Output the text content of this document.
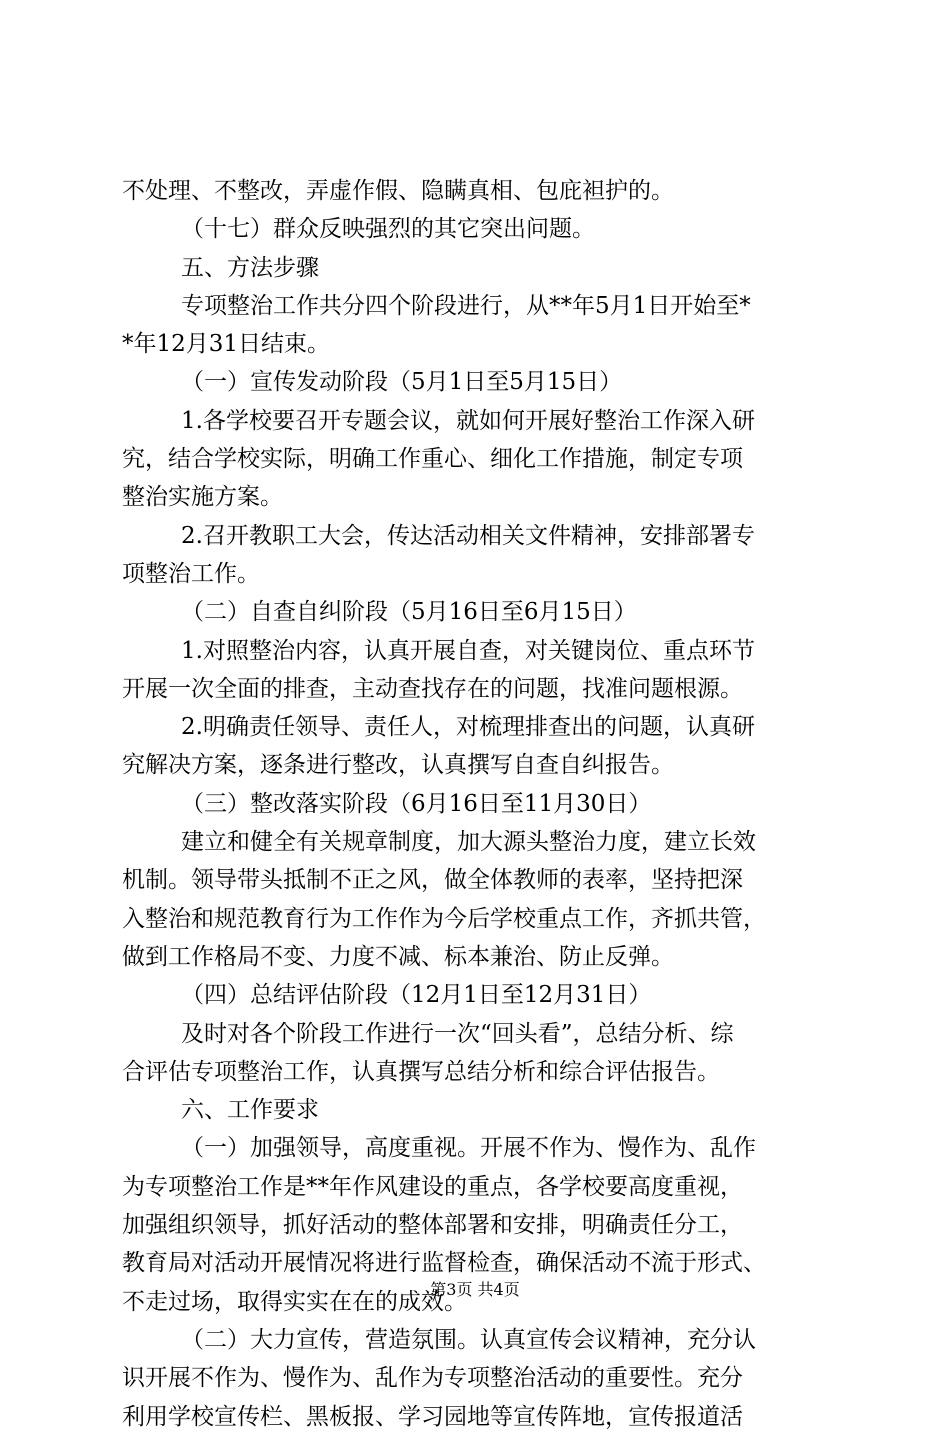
不处理、不整改，弄虚作假、隐瞒真相、包庇袒护的。
（十七）群众反映强烈的其它突出问题。
五、方法步骤
专项整治工作共分四个阶段进行，从**年5月1日开始至*
*年12月31日结束。
（一）宣传发动阶段（5月1日至5月15日）
1.各学校要召开专题会议，就如何开展好整治工作深入研
究，结合学校实际，明确工作重心、细化工作措施，制定专项
整治实施方案。
2.召开教职工大会，传达活动相关文件精神，安排部署专
项整治工作。
（二）自查自纠阶段（5月16日至6月15日）
1.对照整治内容，认真开展自查，对关键岗位、重点环节
开展一次全面的排查，主动查找存在的问题，找准问题根源。
2.明确责任领导、责任人，对梳理排查出的问题，认真研
究解决方案，逐条进行整改，认真撰写自查自纠报告。
（三）整改落实阶段（6月16日至11月30日）
建立和健全有关规章制度，加大源头整治力度，建立长效
机制。领导带头抵制不正之风，做全体教师的表率，坚持把深
入整治和规范教育行为工作作为今后学校重点工作，齐抓共管，
做到工作格局不变、力度不减、标本兼治、防止反弹。
（四）总结评估阶段（12月1日至12月31日）
及时对各个阶段工作进行一次“回头看”，总结分析、综
合评估专项整治工作，认真撰写总结分析和综合评估报告。
六、工作要求
（一）加强领导，高度重视。开展不作为、慢作为、乱作
为专项整治工作是**年作风建设的重点，各学校要高度重视，
加强组织领导，抓好活动的整体部署和安排，明确责任分工，
教育局对活动开展情况将进行监督检查，确保活动不流于形式、
不走过场，取得实实在在的成效。
（二）大力宣传，营造氛围。认真宣传会议精神，充分认
识开展不作为、慢作为、乱作为专项整治活动的重要性。充分
利用学校宣传栏、黑板报、学习园地等宣传阵地，宣传报道活
第3页 共4页
